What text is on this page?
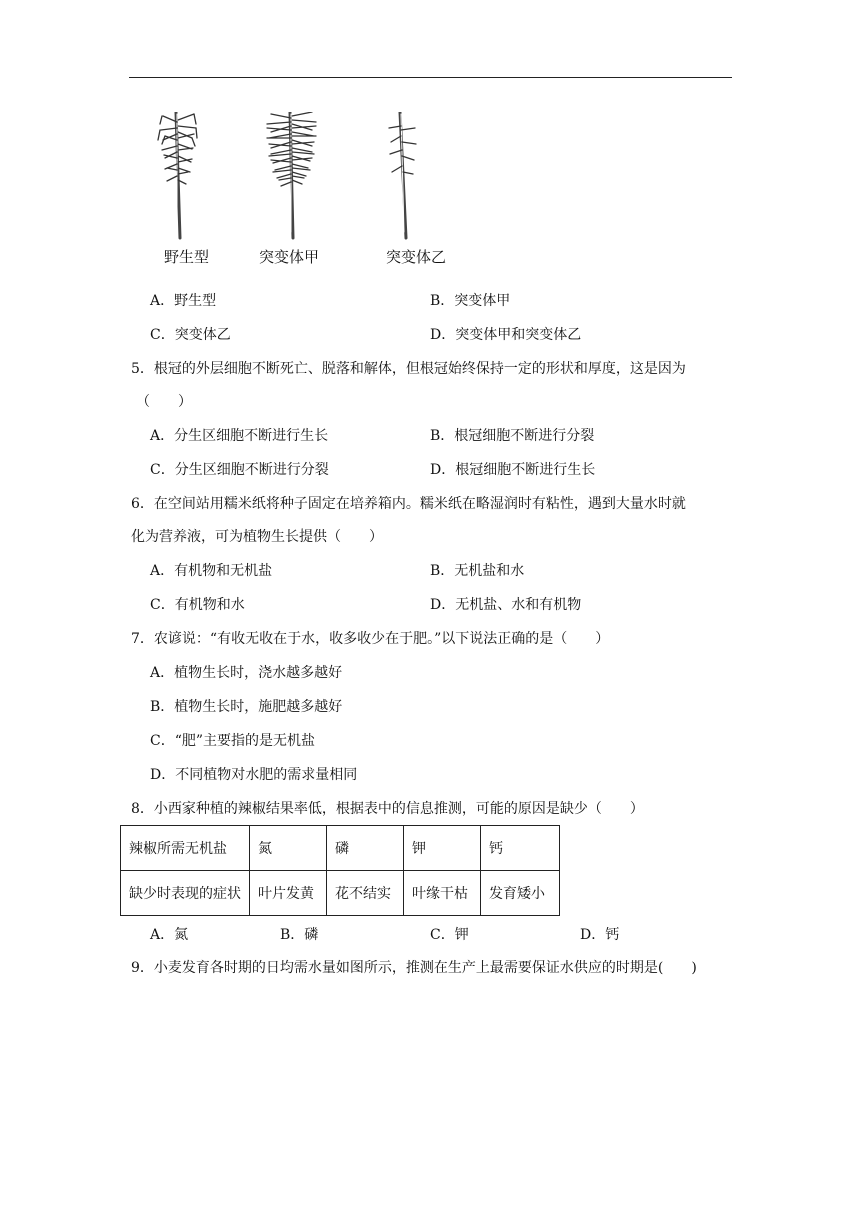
野生型	突变体甲	突变体乙
A．野生型	B．突变体甲
C．突变体乙	D．突变体甲和突变体乙
5．根冠的外层细胞不断死亡、脱落和解体，但根冠始终保持一定的形状和厚度，这是因为
（　　）
A．分生区细胞不断进行生长	B．根冠细胞不断进行分裂
C．分生区细胞不断进行分裂	D．根冠细胞不断进行生长
6．在空间站用糯米纸将种子固定在培养箱内。糯米纸在略湿润时有粘性，遇到大量水时就
化为营养液，可为植物生长提供（　　）
A．有机物和无机盐	B．无机盐和水
C．有机物和水	D．无机盐、水和有机物
7．农谚说：“有收无收在于水，收多收少在于肥。”以下说法正确的是（　　）
A．植物生长时，浇水越多越好
B．植物生长时，施肥越多越好
C．“肥”主要指的是无机盐
D．不同植物对水肥的需求量相同
8．小西家种植的辣椒结果率低，根据表中的信息推测，可能的原因是缺少（　　）
辣椒所需无机盐	氮	磷	钾	钙
缺少时表现的症状	叶片发黄	花不结实	叶缘干枯	发育矮小
A．氮	B．磷	C．钾	D．钙
9．小麦发育各时期的日均需水量如图所示，推测在生产上最需要保证水供应的时期是(　　)
